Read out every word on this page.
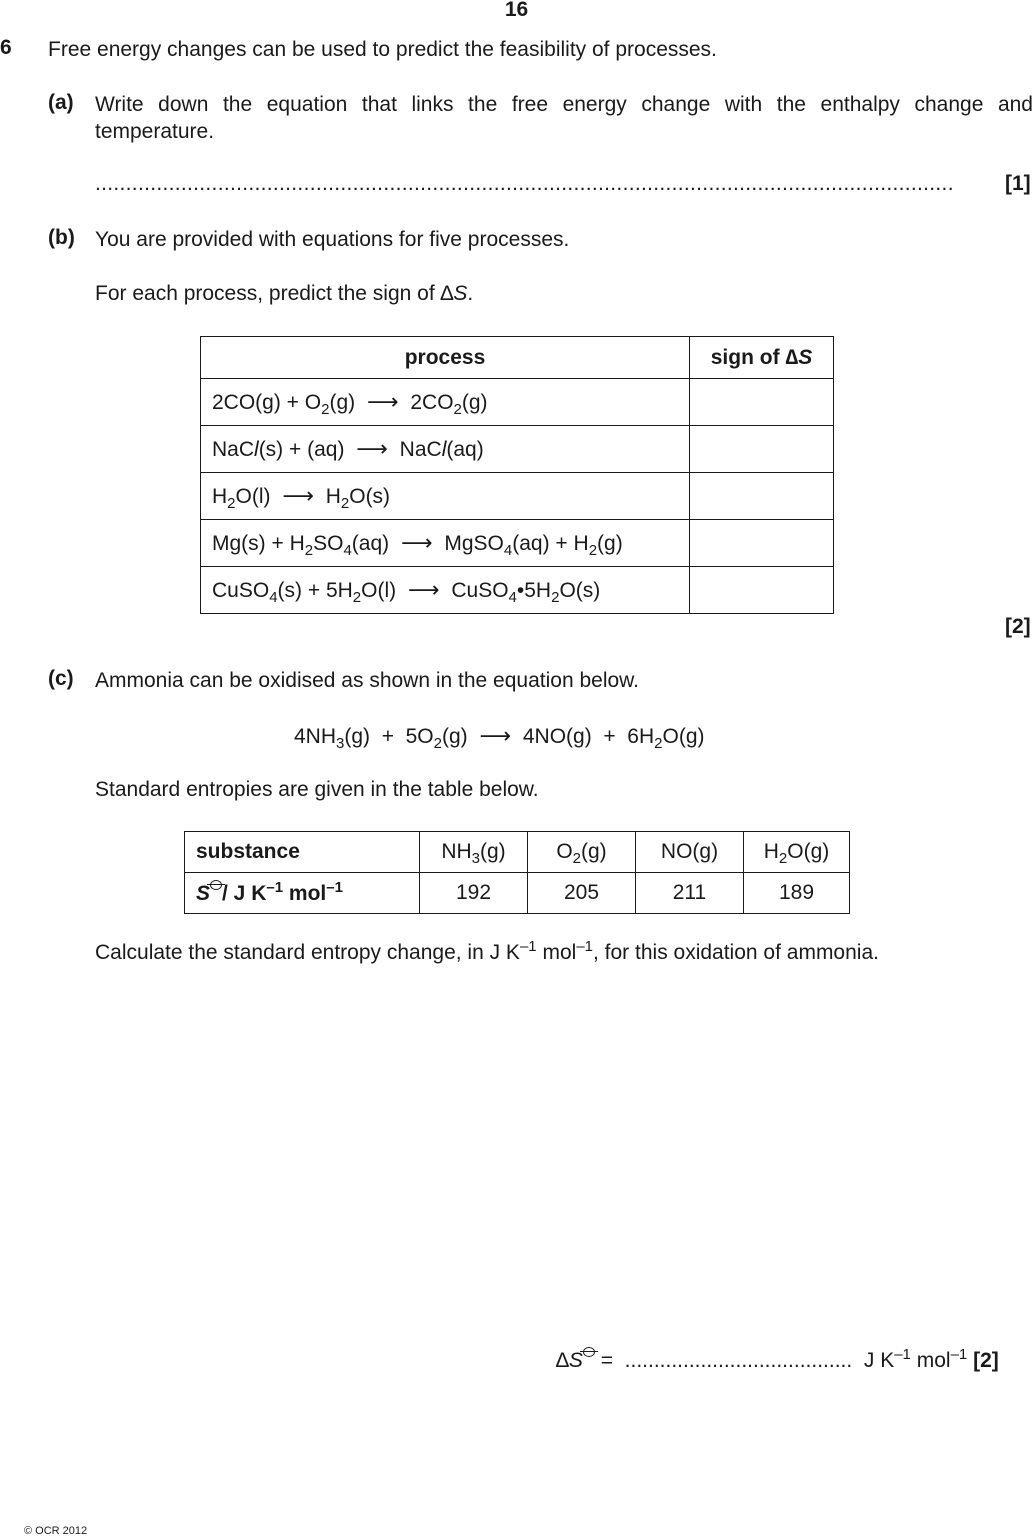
16
6 Free energy changes can be used to predict the feasibility of processes.
(a) Write down the equation that links the free energy change with the enthalpy change and temperature.
............................................................................................................................................	[1]
(b) You are provided with equations for five processes.
For each process, predict the sign of ∆S.
process	sign of ∆S
$2CO(g) + O_2(g)$ ⟶ $2CO_2(g)$	
NaCl(s) + (aq) ⟶ NaCl(aq)	
$H_2O(l)$ ⟶ $H_2O(s)$	
$Mg(s) + H_2SO_4(aq)$ ⟶ MgSO$_4$(aq) + $H_2(g)$	
CuSO$_4$(s) + $5H_2O(l)$ ⟶ $CuSO_4•5H_2O(s)$	
[2]
(c) Ammonia can be oxidised as shown in the equation below.
$4NH_3(g) + 5O_2(g)$ ⟶ $4NO(g) + 6H_2O(g)$
Standard entropies are given in the table below.
substance	$NH_3(g)$	$O_2(g)$	NO(g)	$H_2O(g)$
S / J $K^{-1}$ mol$^{-1}$	192	205	211	189
Calculate the standard entropy change, in J $K^{-1}$ mol$^{-1}$, for this oxidation of ammonia.
∆S =  .......................................  J $K^{-1}$ mol$^{-1}$ [2]
© OCR 2012
